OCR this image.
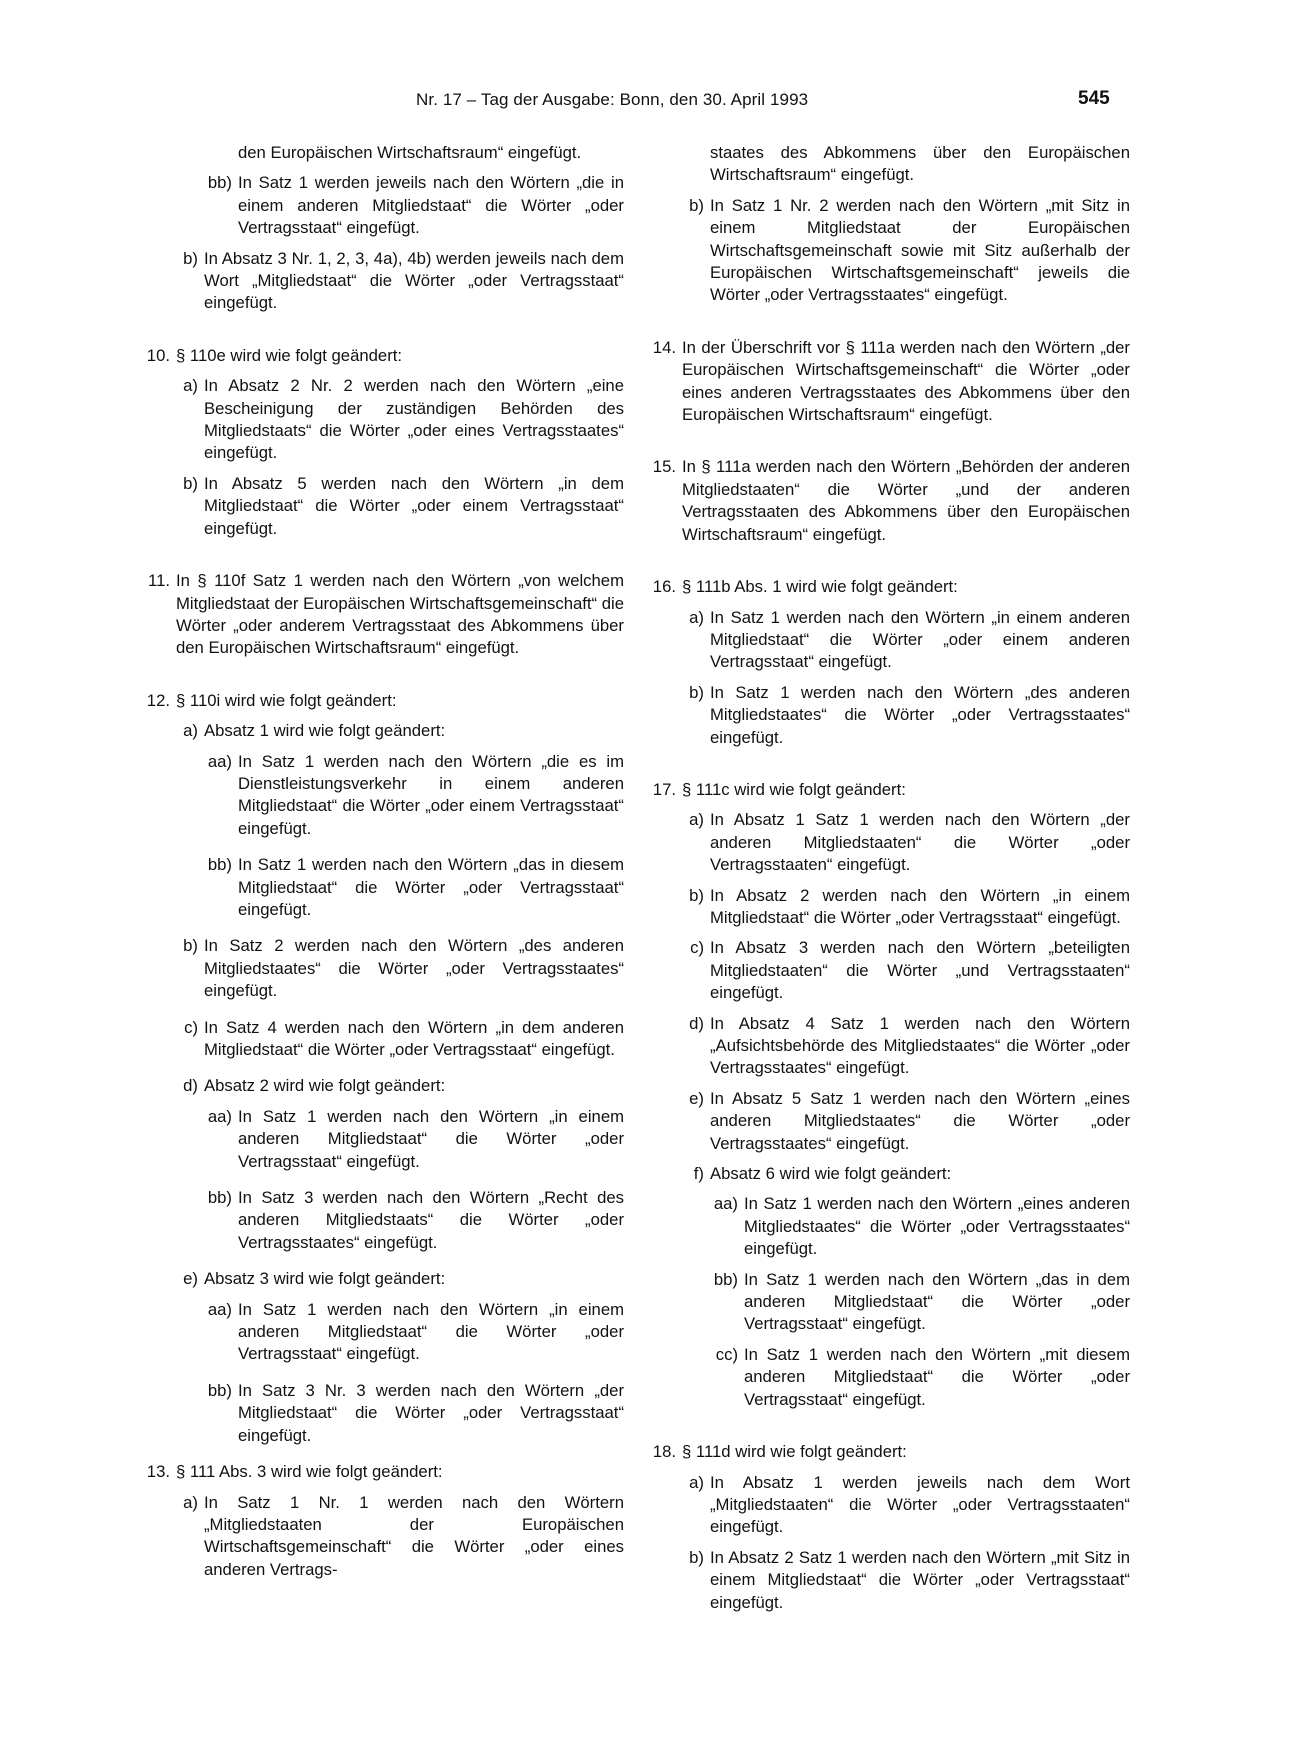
Nr. 17 – Tag der Ausgabe: Bonn, den 30. April 1993	545
den Europäischen Wirtschaftsraum“ eingefügt.
bb) In Satz 1 werden jeweils nach den Wörtern „die in einem anderen Mitgliedstaat“ die Wörter „oder Vertragsstaat“ eingefügt.
b) In Absatz 3 Nr. 1, 2, 3, 4a), 4b) werden jeweils nach dem Wort „Mitgliedstaat“ die Wörter „oder Vertragsstaat“ eingefügt.
10. § 110e wird wie folgt geändert:
a) In Absatz 2 Nr. 2 werden nach den Wörtern „eine Bescheinigung der zuständigen Behörden des Mitgliedstaats“ die Wörter „oder eines Vertragsstaates“ eingefügt.
b) In Absatz 5 werden nach den Wörtern „in dem Mitgliedstaat“ die Wörter „oder einem Vertragsstaat“ eingefügt.
11. In § 110f Satz 1 werden nach den Wörtern „von welchem Mitgliedstaat der Europäischen Wirtschaftsgemeinschaft“ die Wörter „oder anderem Vertragsstaat des Abkommens über den Europäischen Wirtschaftsraum“ eingefügt.
12. § 110i wird wie folgt geändert:
a) Absatz 1 wird wie folgt geändert:
aa) In Satz 1 werden nach den Wörtern „die es im Dienstleistungsverkehr in einem anderen Mitgliedstaat“ die Wörter „oder einem Vertragsstaat“ eingefügt.
bb) In Satz 1 werden nach den Wörtern „das in diesem Mitgliedstaat“ die Wörter „oder Vertragsstaat“ eingefügt.
b) In Satz 2 werden nach den Wörtern „des anderen Mitgliedstaates“ die Wörter „oder Vertragsstaates“ eingefügt.
c) In Satz 4 werden nach den Wörtern „in dem anderen Mitgliedstaat“ die Wörter „oder Vertragsstaat“ eingefügt.
d) Absatz 2 wird wie folgt geändert:
aa) In Satz 1 werden nach den Wörtern „in einem anderen Mitgliedstaat“ die Wörter „oder Vertragsstaat“ eingefügt.
bb) In Satz 3 werden nach den Wörtern „Recht des anderen Mitgliedstaats“ die Wörter „oder Vertragsstaates“ eingefügt.
e) Absatz 3 wird wie folgt geändert:
aa) In Satz 1 werden nach den Wörtern „in einem anderen Mitgliedstaat“ die Wörter „oder Vertragsstaat“ eingefügt.
bb) In Satz 3 Nr. 3 werden nach den Wörtern „der Mitgliedstaat“ die Wörter „oder Vertragsstaat“ eingefügt.
13. § 111 Abs. 3 wird wie folgt geändert:
a) In Satz 1 Nr. 1 werden nach den Wörtern „Mitgliedstaaten der Europäischen Wirtschaftsgemeinschaft“ die Wörter „oder eines anderen Vertrags-
staates des Abkommens über den Europäischen Wirtschaftsraum“ eingefügt.
b) In Satz 1 Nr. 2 werden nach den Wörtern „mit Sitz in einem Mitgliedstaat der Europäischen Wirtschaftsgemeinschaft sowie mit Sitz außerhalb der Europäischen Wirtschaftsgemeinschaft“ jeweils die Wörter „oder Vertragsstaates“ eingefügt.
14. In der Überschrift vor § 111a werden nach den Wörtern „der Europäischen Wirtschaftsgemeinschaft“ die Wörter „oder eines anderen Vertragsstaates des Abkommens über den Europäischen Wirtschaftsraum“ eingefügt.
15. In § 111a werden nach den Wörtern „Behörden der anderen Mitgliedstaaten“ die Wörter „und der anderen Vertragsstaaten des Abkommens über den Europäischen Wirtschaftsraum“ eingefügt.
16. § 111b Abs. 1 wird wie folgt geändert:
a) In Satz 1 werden nach den Wörtern „in einem anderen Mitgliedstaat“ die Wörter „oder einem anderen Vertragsstaat“ eingefügt.
b) In Satz 1 werden nach den Wörtern „des anderen Mitgliedstaates“ die Wörter „oder Vertragsstaates“ eingefügt.
17. § 111c wird wie folgt geändert:
a) In Absatz 1 Satz 1 werden nach den Wörtern „der anderen Mitgliedstaaten“ die Wörter „oder Vertragsstaaten“ eingefügt.
b) In Absatz 2 werden nach den Wörtern „in einem Mitgliedstaat“ die Wörter „oder Vertragsstaat“ eingefügt.
c) In Absatz 3 werden nach den Wörtern „beteiligten Mitgliedstaaten“ die Wörter „und Vertragsstaaten“ eingefügt.
d) In Absatz 4 Satz 1 werden nach den Wörtern „Aufsichtsbehörde des Mitgliedstaates“ die Wörter „oder Vertragsstaates“ eingefügt.
e) In Absatz 5 Satz 1 werden nach den Wörtern „eines anderen Mitgliedstaates“ die Wörter „oder Vertragsstaates“ eingefügt.
f) Absatz 6 wird wie folgt geändert:
aa) In Satz 1 werden nach den Wörtern „eines anderen Mitgliedstaates“ die Wörter „oder Vertragsstaates“ eingefügt.
bb) In Satz 1 werden nach den Wörtern „das in dem anderen Mitgliedstaat“ die Wörter „oder Vertragsstaat“ eingefügt.
cc) In Satz 1 werden nach den Wörtern „mit diesem anderen Mitgliedstaat“ die Wörter „oder Vertragsstaat“ eingefügt.
18. § 111d wird wie folgt geändert:
a) In Absatz 1 werden jeweils nach dem Wort „Mitgliedstaaten“ die Wörter „oder Vertragsstaaten“ eingefügt.
b) In Absatz 2 Satz 1 werden nach den Wörtern „mit Sitz in einem Mitgliedstaat“ die Wörter „oder Vertragsstaat“ eingefügt.
